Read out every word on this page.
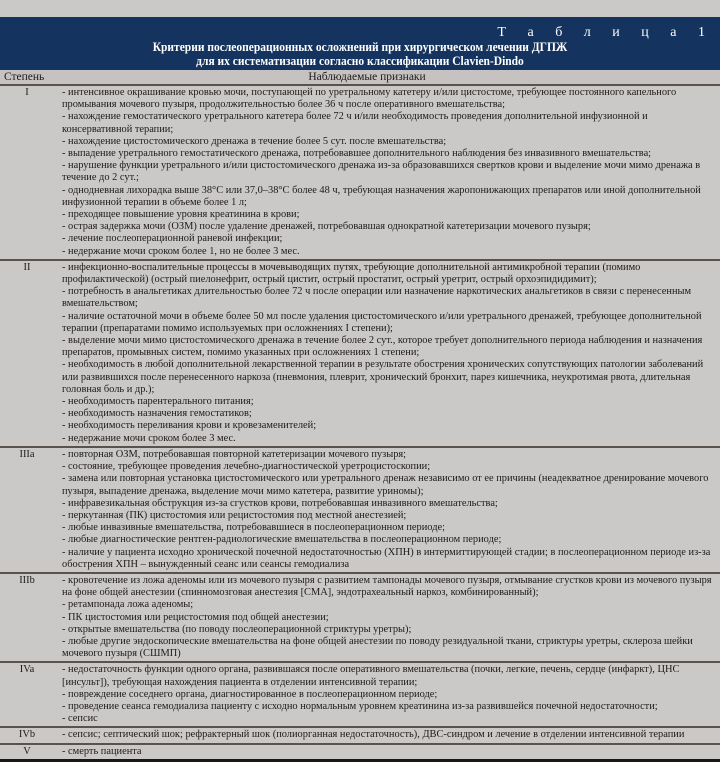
Т а б л и ц а 1
Критерии послеоперационных осложнений при хирургическом лечении ДГПЖ
для их систематизации согласно классификации Clavien-Dindo
Степень	Наблюдаемые признаки
I	- интенсивное окрашивание кровью мочи, поступающей по уретральному катетеру и/или цистостоме, требующее постоянного капельного промывания мочевого пузыря, продолжительностью более 36 ч после оперативного вмешательства;
- нахождение гемостатического уретрального катетера более 72 ч и/или необходимость проведения дополнительной инфузионной и консервативной терапии;
- нахождение цистостомического дренажа в течение более 5 сут. после вмешательства;
- выпадение уретрального гемостатического дренажа, потребовавшее дополнительного наблюдения без инвазивного вмешательства;
- нарушение функции уретрального и/или цистостомического дренажа из-за образовавшихся свертков крови и выделение мочи мимо дренажа в течение до 2 сут.;
- однодневная лихорадка выше 38°С или 37,0–38°С более 48 ч, требующая назначения жаропонижающих препаратов или иной дополнительной инфузионной терапии в объеме более 1 л;
- преходящее повышение уровня креатинина в крови;
- острая задержка мочи (ОЗМ) после удаление дренажей, потребовавшая однократной катетеризации мочевого пузыря;
- лечение послеоперационной раневой инфекции;
- недержание мочи сроком более 1, но не более 3 мес.
II	- инфекционно-воспалительные процессы в мочевыводящих путях, требующие дополнительной антимикробной терапии (помимо профилактической) (острый пиелонефрит, острый цистит, острый простатит, острый уретрит, острый орхоэпидидимит);
- потребность в анальгетиках длительностью более 72 ч после операции или назначение наркотических анальгетиков в связи с перенесенным вмешательством;
- наличие остаточной мочи в объеме более 50 мл после удаления цистостомического и/или уретрального дренажей, требующее дополнительной терапии (препаратами помимо используемых при осложнениях I степени);
- выделение мочи мимо цистостомического дренажа в течение более 2 сут., которое требует дополнительного периода наблюдения и назначения препаратов, промывных систем, помимо указанных при осложнениях 1 степени;
- необходимость в любой дополнительной лекарственной терапии в результате обострения хронических сопутствующих патологии заболеваний или развившихся после перенесенного наркоза (пневмония, плеврит, хронический бронхит, парез кишечника, неукротимая рвота, длительная головная боль и др.);
- необходимость парентерального питания;
- необходимость назначения гемостатиков;
- необходимость переливания крови и кровезаменителей;
- недержание мочи сроком более 3 мес.
IIIa	- повторная ОЗМ, потребовавшая повторной катетеризации мочевого пузыря;
- состояние, требующее проведения лечебно-диагностической уретроцистоскопии;
- замена или повторная установка цистостомического или уретрального дренаж независимо от ее причины (неадекватное дренирование мочевого пузыря, выпадение дренажа, выделение мочи мимо катетера, развитие уриномы);
- инфравезикальная обструкция из-за сгустков крови, потребовавшая инвазивного вмешательства;
- перкутанная (ПК) цистостомия или рецистостомия под местной анестезией;
- любые инвазивные вмешательства, потребовавшиеся в послеоперационном периоде;
- любые диагностические рентген-радиологические вмешательства в послеоперационном периоде;
- наличие у пациента исходно хронической почечной недостаточностью (ХПН) в интермиттирующей стадии; в послеоперационном периоде из-за обострения ХПН – вынужденный сеанс или сеансы гемодиализа
IIIb	- кровотечение из ложа аденомы или из мочевого пузыря с развитием тампонады мочевого пузыря, отмывание сгустков крови из мочевого пузыря на фоне общей анестезии (спинномозговая анестезия [СМА], эндотрахеальный наркоз, комбинированный);
- ретампонада ложа аденомы;
- ПК цистостомия или рецистостомия под общей анестезии;
- открытые вмешательства (по поводу послеоперационной стриктуры уретры);
- любые другие эндоскопические вмешательства на фоне общей анестезии по поводу резидуальной ткани, стриктуры уретры, склероза шейки мочевого пузыря (СШМП)
IVa	- недостаточность функции одного органа, развившаяся после оперативного вмешательства (почки, легкие, печень, сердце (инфаркт), ЦНС [инсульт]), требующая нахождения пациента в отделении интенсивной терапии;
- повреждение соседнего органа, диагностированное в послеоперационном периоде;
- проведение сеанса гемодиализа пациенту с исходно нормальным уровнем креатинина из-за развившейся почечной недостаточности;
- сепсис
IVb	- сепсис; септический шок; рефрактерный шок (полиорганная недостаточность), ДВС-синдром и лечение в отделении интенсивной терапии
V	- смерть пациента
